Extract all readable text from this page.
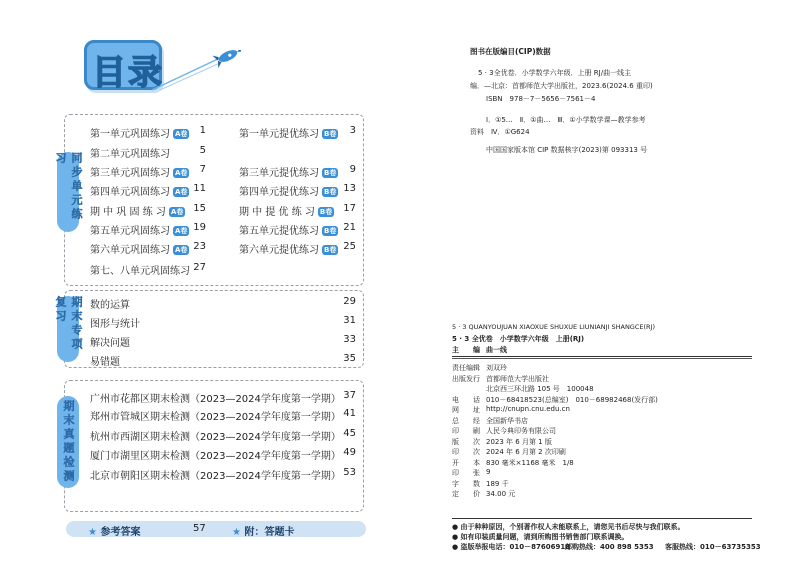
目录
同步单元练习
第一单元巩固练习 A卷	1
第二单元巩固练习	5
第三单元巩固练习 A卷	7
第四单元巩固练习 A卷 11
期 中 巩 固 练 习 A卷 15
第五单元巩固练习 A卷 19
第六单元巩固练习 A卷 23
第七、八单元巩固练习 27
第一单元提优练习 B卷	3
第三单元提优练习 B卷	9
第四单元提优练习 B卷 13
期 中 提 优 练 习 B卷	17
第五单元提优练习 B卷 21
第六单元提优练习 B卷 25
期末专项复习	数的运算	29
图形与统计	31
解决问题	33
易错题	35
期末真题检测
广州市花都区期末检测（2023—2024学年度第一学期） 37
郑州市管城区期末检测（2023—2024学年度第一学期） 41
杭州市西湖区期末检测（2023—2024学年度第一学期） 45
厦门市湖里区期末检测（2023—2024学年度第一学期） 49
北京市朝阳区期末检测（2023—2024学年度第一学期） 53
★ 参考答案	57	★ 附：答题卡
图书在版编目(CIP)数据
5 · 3全优卷．小学数学六年级．上册 RJ/曲一线主
编．—北京：首都师范大学出版社，2023.6(2024.6 重印)
ISBN　978－7－5656－7561－4
Ⅰ．①5…　Ⅱ．①曲…　Ⅲ．①小学数学课—教学参考
资料　Ⅳ．①G624
中国国家版本馆 CIP 数据核字(2023)第 093313 号
5 · 3 QUANYOUJUAN XIAOXUE SHUXUE LIUNIANJI SHANGCE(RJ)
5 · 3 全优卷　小学数学六年级　上册(RJ)
主　　编 曲一线
责任编辑 刘双玲
出版发行 首都师范大学出版社
北京西三环北路 105 号　100048
电　　话 010－68418523(总编室)　010－68982468(发行部)
网　　址 http://cnupn.cnu.edu.cn
总　　经 全国新华书店
印　　刷 人民今典印务有限公司
版　　次 2023 年 6 月第 1 版
印　　次 2024 年 6 月第 2 次印刷
开　　本 830 毫米×1168 毫米　1/8
印　　张 9
字　　数 189 千
定　　价 34.00 元
● 由于种种原因，个别著作权人未能联系上，请您见书后尽快与我们联系。
● 如有印装质量问题，请到所购图书销售部门联系调换。
● 盗版举报电话：010－87606918
邮购热线：400 898 5353 客服热线：010－63735353
